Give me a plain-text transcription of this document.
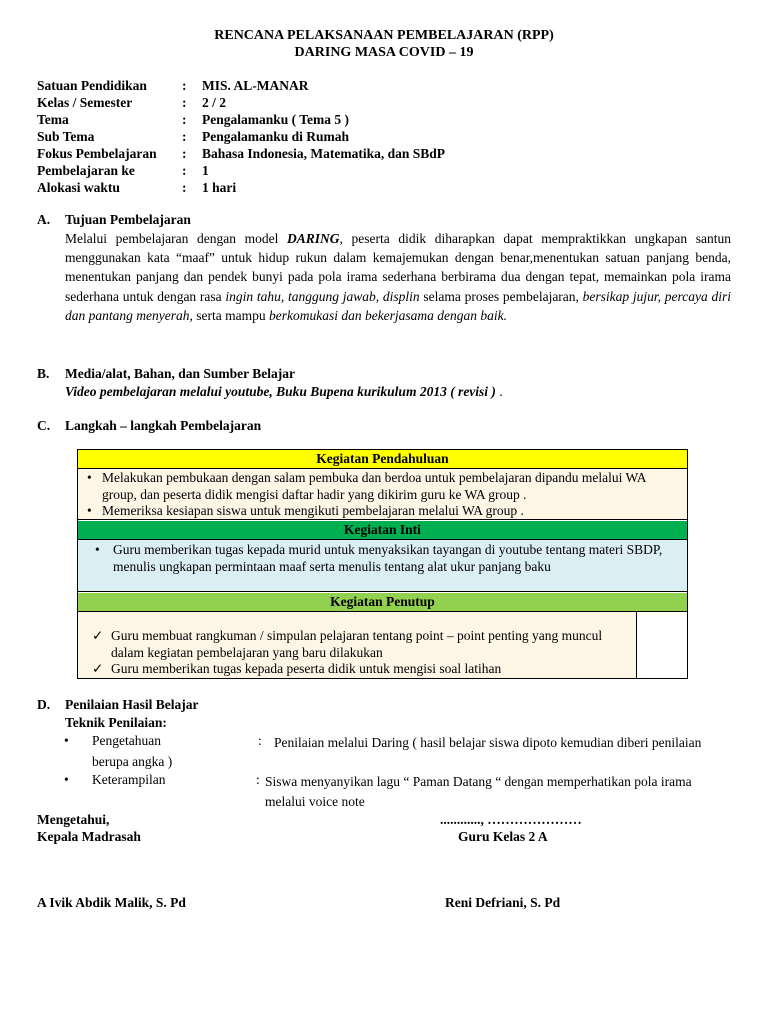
RENCANA PELAKSANAAN PEMBELAJARAN (RPP)
DARING MASA COVID – 19
Satuan Pendidikan	: MIS. AL-MANAR
Kelas / Semester	: 2 / 2
Tema	: Pengalamanku ( Tema 5 )
Sub Tema	: Pengalamanku di Rumah
Fokus Pembelajaran : Bahasa Indonesia, Matematika, dan SBdP
Pembelajaran ke	: 1
Alokasi waktu	: 1 hari
A. Tujuan Pembelajaran
Melalui pembelajaran dengan model DARING, peserta didik diharapkan dapat mempraktikkan ungkapan santun menggunakan kata “maaf” untuk hidup rukun dalam kemajemukan dengan benar,menentukan satuan panjang benda, menentukan panjang dan pendek bunyi pada pola irama sederhana berbirama dua dengan tepat, memainkan pola irama sederhana untuk dengan rasa ingin tahu, tanggung jawab, displin selama proses pembelajaran, bersikap jujur, percaya diri dan pantang menyerah, serta mampu berkomukasi dan bekerjasama dengan baik.
B. Media/alat, Bahan, dan Sumber Belajar
Video pembelajaran melalui youtube, Buku Bupena kurikulum 2013 ( revisi ) .
C. Langkah – langkah Pembelajaran
Kegiatan Pendahuluan
• Melakukan pembukaan dengan salam pembuka dan berdoa untuk pembelajaran dipandu melalui WA group, dan peserta didik mengisi daftar hadir yang dikirim guru ke WA group .
• Memeriksa kesiapan siswa untuk mengikuti pembelajaran melalui WA group .
Kegiatan Inti
• Guru memberikan tugas kepada murid untuk menyaksikan tayangan di youtube tentang materi SBDP, menulis ungkapan permintaan maaf serta menulis tentang alat ukur panjang baku
Kegiatan Penutup
✓ Guru membuat rangkuman / simpulan pelajaran tentang point – point penting yang muncul dalam kegiatan pembelajaran yang baru dilakukan
✓ Guru memberikan tugas kepada peserta didik untuk mengisi soal latihan
D. Penilaian Hasil Belajar
Teknik Penilaian:
• Pengetahuan	: Penilaian melalui Daring ( hasil belajar siswa dipoto kemudian diberi penilaian berupa angka )
• Keterampilan	: Siswa menyanyikan lagu “ Paman Datang “ dengan memperhatikan pola irama melalui voice note
Mengetahui,
Kepala Madrasah
A Ivik Abdik Malik, S. Pd
............, …………………
Guru Kelas 2 A
Reni Defriani, S. Pd
